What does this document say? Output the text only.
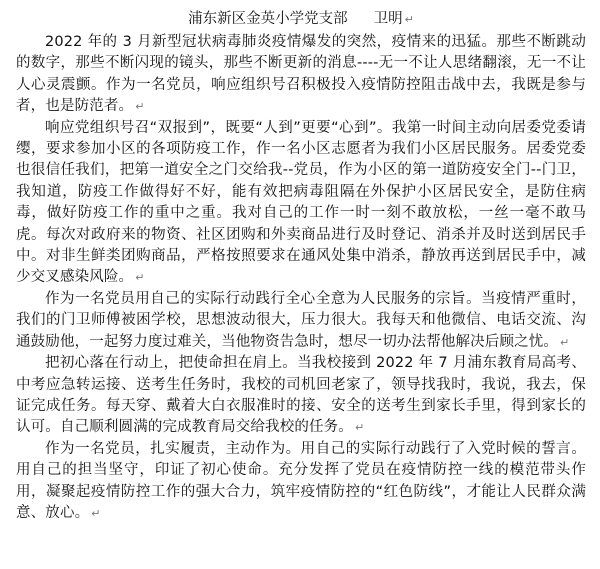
浦东新区金英小学党支部 卫明 ↵

2022 年的 3 月新型冠状病毒肺炎疫情爆发的突然，疫情来的迅猛。那些不断跳动的数字，那些不断闪现的镜头，那些不断更新的消息----无一不让人思绪翻滚，无一不让人心灵震颤。作为一名党员，响应组织号召积极投入疫情防控阻击战中去，我既是参与者，也是防范者。 ↵

响应党组织号召“双报到”，既要“人到”更要“心到”。我第一时间主动向居委党委请缨，要求参加小区的各项防疫工作，作一名小区志愿者为我们小区居民服务。居委党委也很信任我们，把第一道安全之门交给我--党员，作为小区的第一道防疫安全门--门卫，我知道，防疫工作做得好不好，能有效把病毒阻隔在外保护小区居民安全，是防住病毒，做好防疫工作的重中之重。我对自己的工作一时一刻不敢放松，一丝一毫不敢马虎。每次对政府来的物资、社区团购和外卖商品进行及时登记、消杀并及时送到居民手中。对非生鲜类团购商品，严格按照要求在通风处集中消杀，静放再送到居民手中，减少交叉感染风险。 ↵

作为一名党员用自己的实际行动践行全心全意为人民服务的宗旨。当疫情严重时，我们的门卫师傅被困学校，思想波动很大，压力很大。我每天和他微信、电话交流、沟通鼓励他，一起努力度过难关，当他物资告急时，想尽一切办法帮他解决后顾之忧。 ↵

把初心落在行动上，把使命担在肩上。当我校接到 2022 年 7 月浦东教育局高考、中考应急转运接、送考生任务时，我校的司机回老家了，领导找我时，我说，我去，保证完成任务。每天穿、戴着大白衣服准时的接、安全的送考生到家长手里，得到家长的认可。自己顺利圆满的完成教育局交给我校的任务。 ↵

作为一名党员，扎实履责，主动作为。用自己的实际行动践行了入党时候的誓言。用自己的担当坚守，印证了初心使命。充分发挥了党员在疫情防控一线的模范带头作用，凝聚起疫情防控工作的强大合力，筑牢疫情防控的“红色防线”，才能让人民群众满意、放心。 ↵
